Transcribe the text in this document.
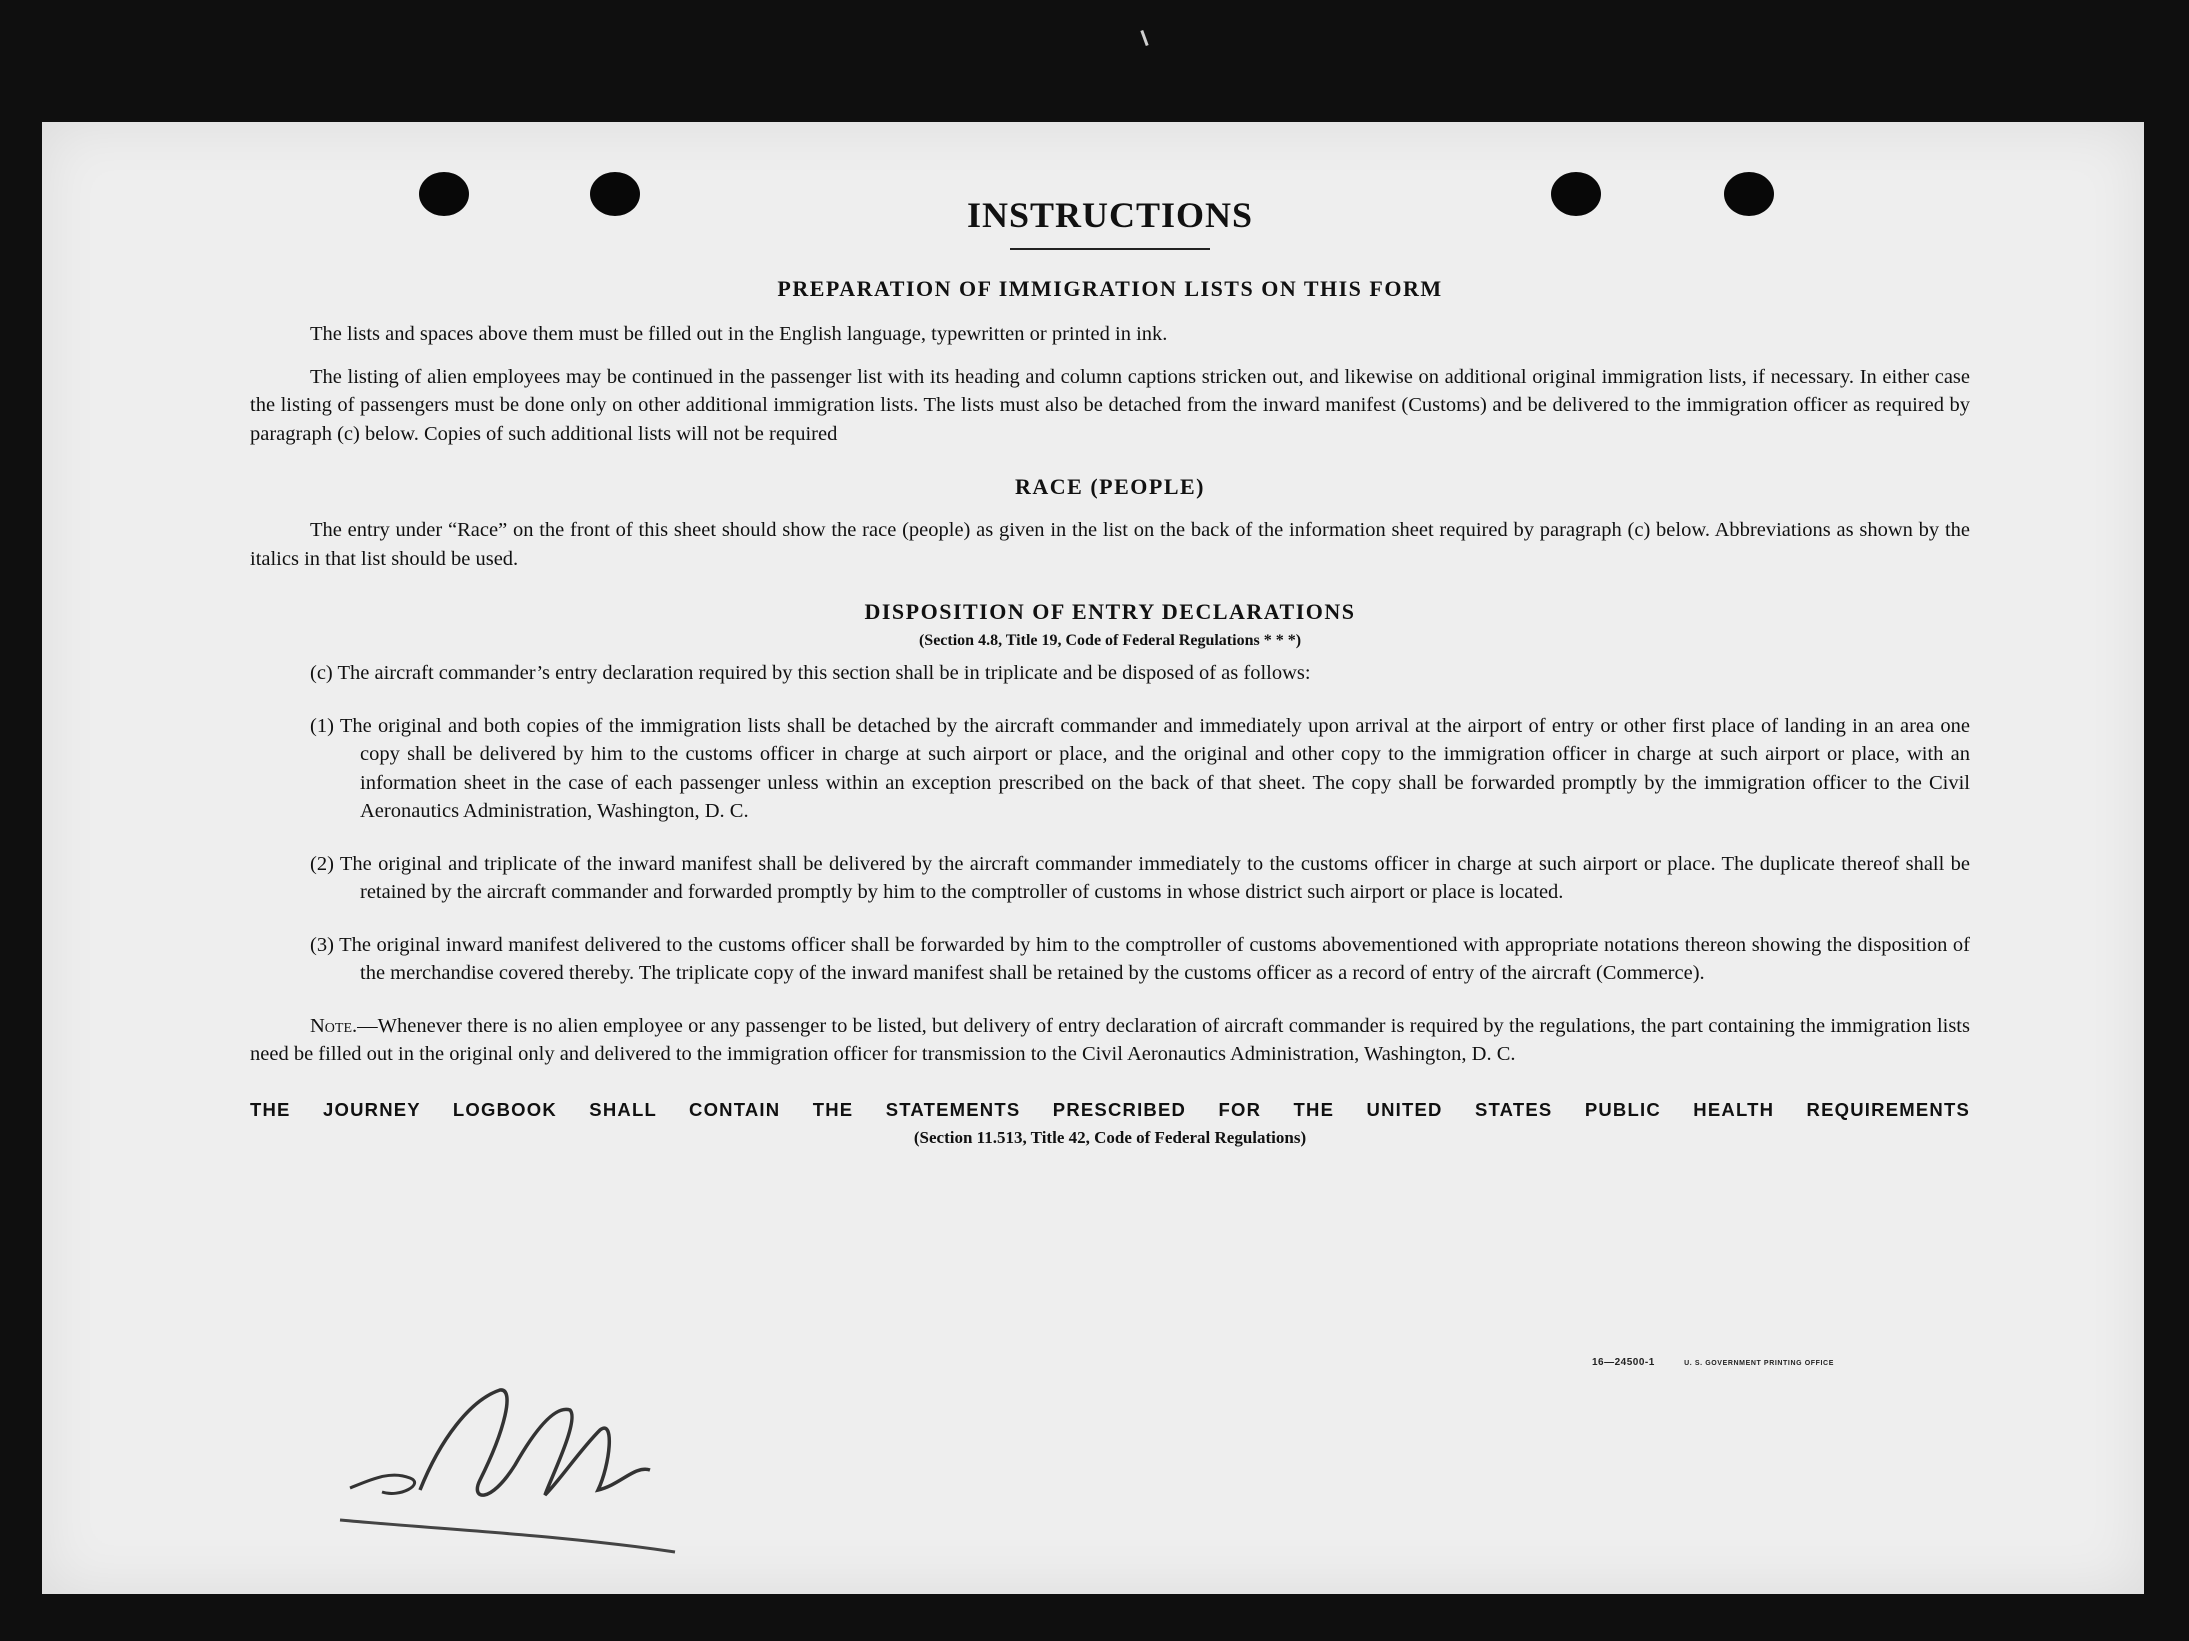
INSTRUCTIONS
PREPARATION OF IMMIGRATION LISTS ON THIS FORM

The lists and spaces above them must be filled out in the English language, typewritten or printed in ink.

The listing of alien employees may be continued in the passenger list with its heading and column captions stricken out, and likewise on additional original immigration lists, if necessary. In either case the listing of passengers must be done only on other additional immigration lists. The lists must also be detached from the inward manifest (Customs) and be delivered to the immigration officer as required by paragraph (c) below. Copies of such additional lists will not be required

RACE (PEOPLE)

The entry under “Race” on the front of this sheet should show the race (people) as given in the list on the back of the information sheet required by paragraph (c) below. Abbreviations as shown by the italics in that list should be used.

DISPOSITION OF ENTRY DECLARATIONS
(Section 4.8, Title 19, Code of Federal Regulations * * *)

(c) The aircraft commander’s entry declaration required by this section shall be in triplicate and be disposed of as follows:

(1) The original and both copies of the immigration lists shall be detached by the aircraft commander and immediately upon arrival at the airport of entry or other first place of landing in an area one copy shall be delivered by him to the customs officer in charge at such airport or place, and the original and other copy to the immigration officer in charge at such airport or place, with an information sheet in the case of each passenger unless within an exception prescribed on the back of that sheet. The copy shall be forwarded promptly by the immigration officer to the Civil Aeronautics Administration, Washington, D. C.

(2) The original and triplicate of the inward manifest shall be delivered by the aircraft commander immediately to the customs officer in charge at such airport or place. The duplicate thereof shall be retained by the aircraft commander and forwarded promptly by him to the comptroller of customs in whose district such airport or place is located.

(3) The original inward manifest delivered to the customs officer shall be forwarded by him to the comptroller of customs abovementioned with appropriate notations thereon showing the disposition of the merchandise covered thereby. The triplicate copy of the inward manifest shall be retained by the customs officer as a record of entry of the aircraft (Commerce).

Note.—Whenever there is no alien employee or any passenger to be listed, but delivery of entry declaration of aircraft commander is required by the regulations, the part containing the immigration lists need be filled out in the original only and delivered to the immigration officer for transmission to the Civil Aeronautics Administration, Washington, D. C.

THE JOURNEY LOGBOOK SHALL CONTAIN THE STATEMENTS PRESCRIBED FOR THE UNITED STATES PUBLIC HEALTH REQUIREMENTS
(Section 11.513, Title 42, Code of Federal Regulations)
16—24500-1	U. S. GOVERNMENT PRINTING OFFICE
